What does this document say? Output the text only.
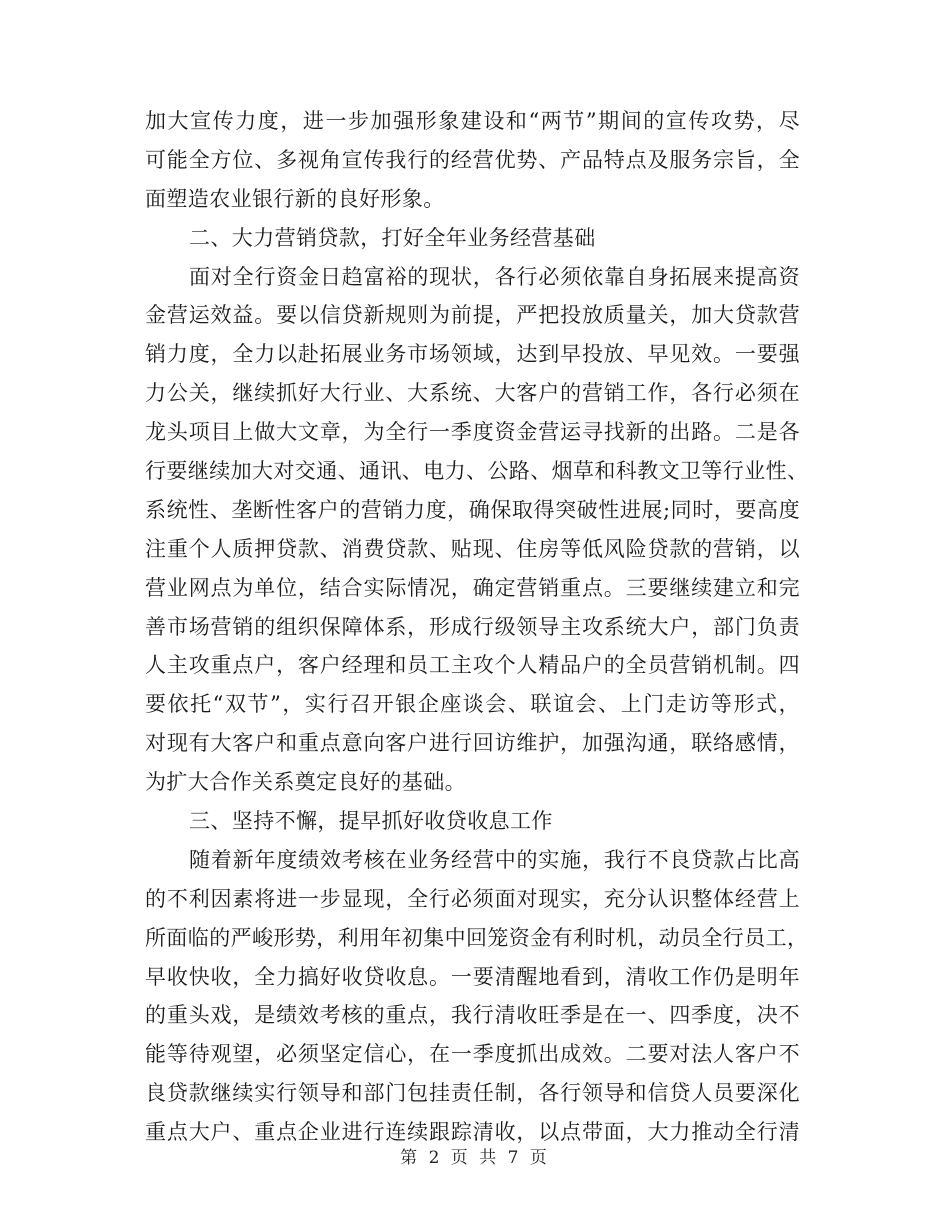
加大宣传力度，进一步加强形象建设和“两节”期间的宣传攻势，尽
可能全方位、多视角宣传我行的经营优势、产品特点及服务宗旨，全
面塑造农业银行新的良好形象。
二、大力营销贷款，打好全年业务经营基础
面对全行资金日趋富裕的现状，各行必须依靠自身拓展来提高资
金营运效益。要以信贷新规则为前提，严把投放质量关，加大贷款营
销力度，全力以赴拓展业务市场领域，达到早投放、早见效。一要强
力公关，继续抓好大行业、大系统、大客户的营销工作，各行必须在
龙头项目上做大文章，为全行一季度资金营运寻找新的出路。二是各
行要继续加大对交通、通讯、电力、公路、烟草和科教文卫等行业性、
系统性、垄断性客户的营销力度，确保取得突破性进展;同时，要高度
注重个人质押贷款、消费贷款、贴现、住房等低风险贷款的营销，以
营业网点为单位，结合实际情况，确定营销重点。三要继续建立和完
善市场营销的组织保障体系，形成行级领导主攻系统大户，部门负责
人主攻重点户，客户经理和员工主攻个人精品户的全员营销机制。四
要依托“双节”，实行召开银企座谈会、联谊会、上门走访等形式，
对现有大客户和重点意向客户进行回访维护，加强沟通，联络感情，
为扩大合作关系奠定良好的基础。
三、坚持不懈，提早抓好收贷收息工作
随着新年度绩效考核在业务经营中的实施，我行不良贷款占比高
的不利因素将进一步显现，全行必须面对现实，充分认识整体经营上
所面临的严峻形势，利用年初集中回笼资金有利时机，动员全行员工，
早收快收，全力搞好收贷收息。一要清醒地看到，清收工作仍是明年
的重头戏，是绩效考核的重点，我行清收旺季是在一、四季度，决不
能等待观望，必须坚定信心，在一季度抓出成效。二要对法人客户不
良贷款继续实行领导和部门包挂责任制，各行领导和信贷人员要深化
重点大户、重点企业进行连续跟踪清收，以点带面，大力推动全行清
第 2 页 共 7 页
